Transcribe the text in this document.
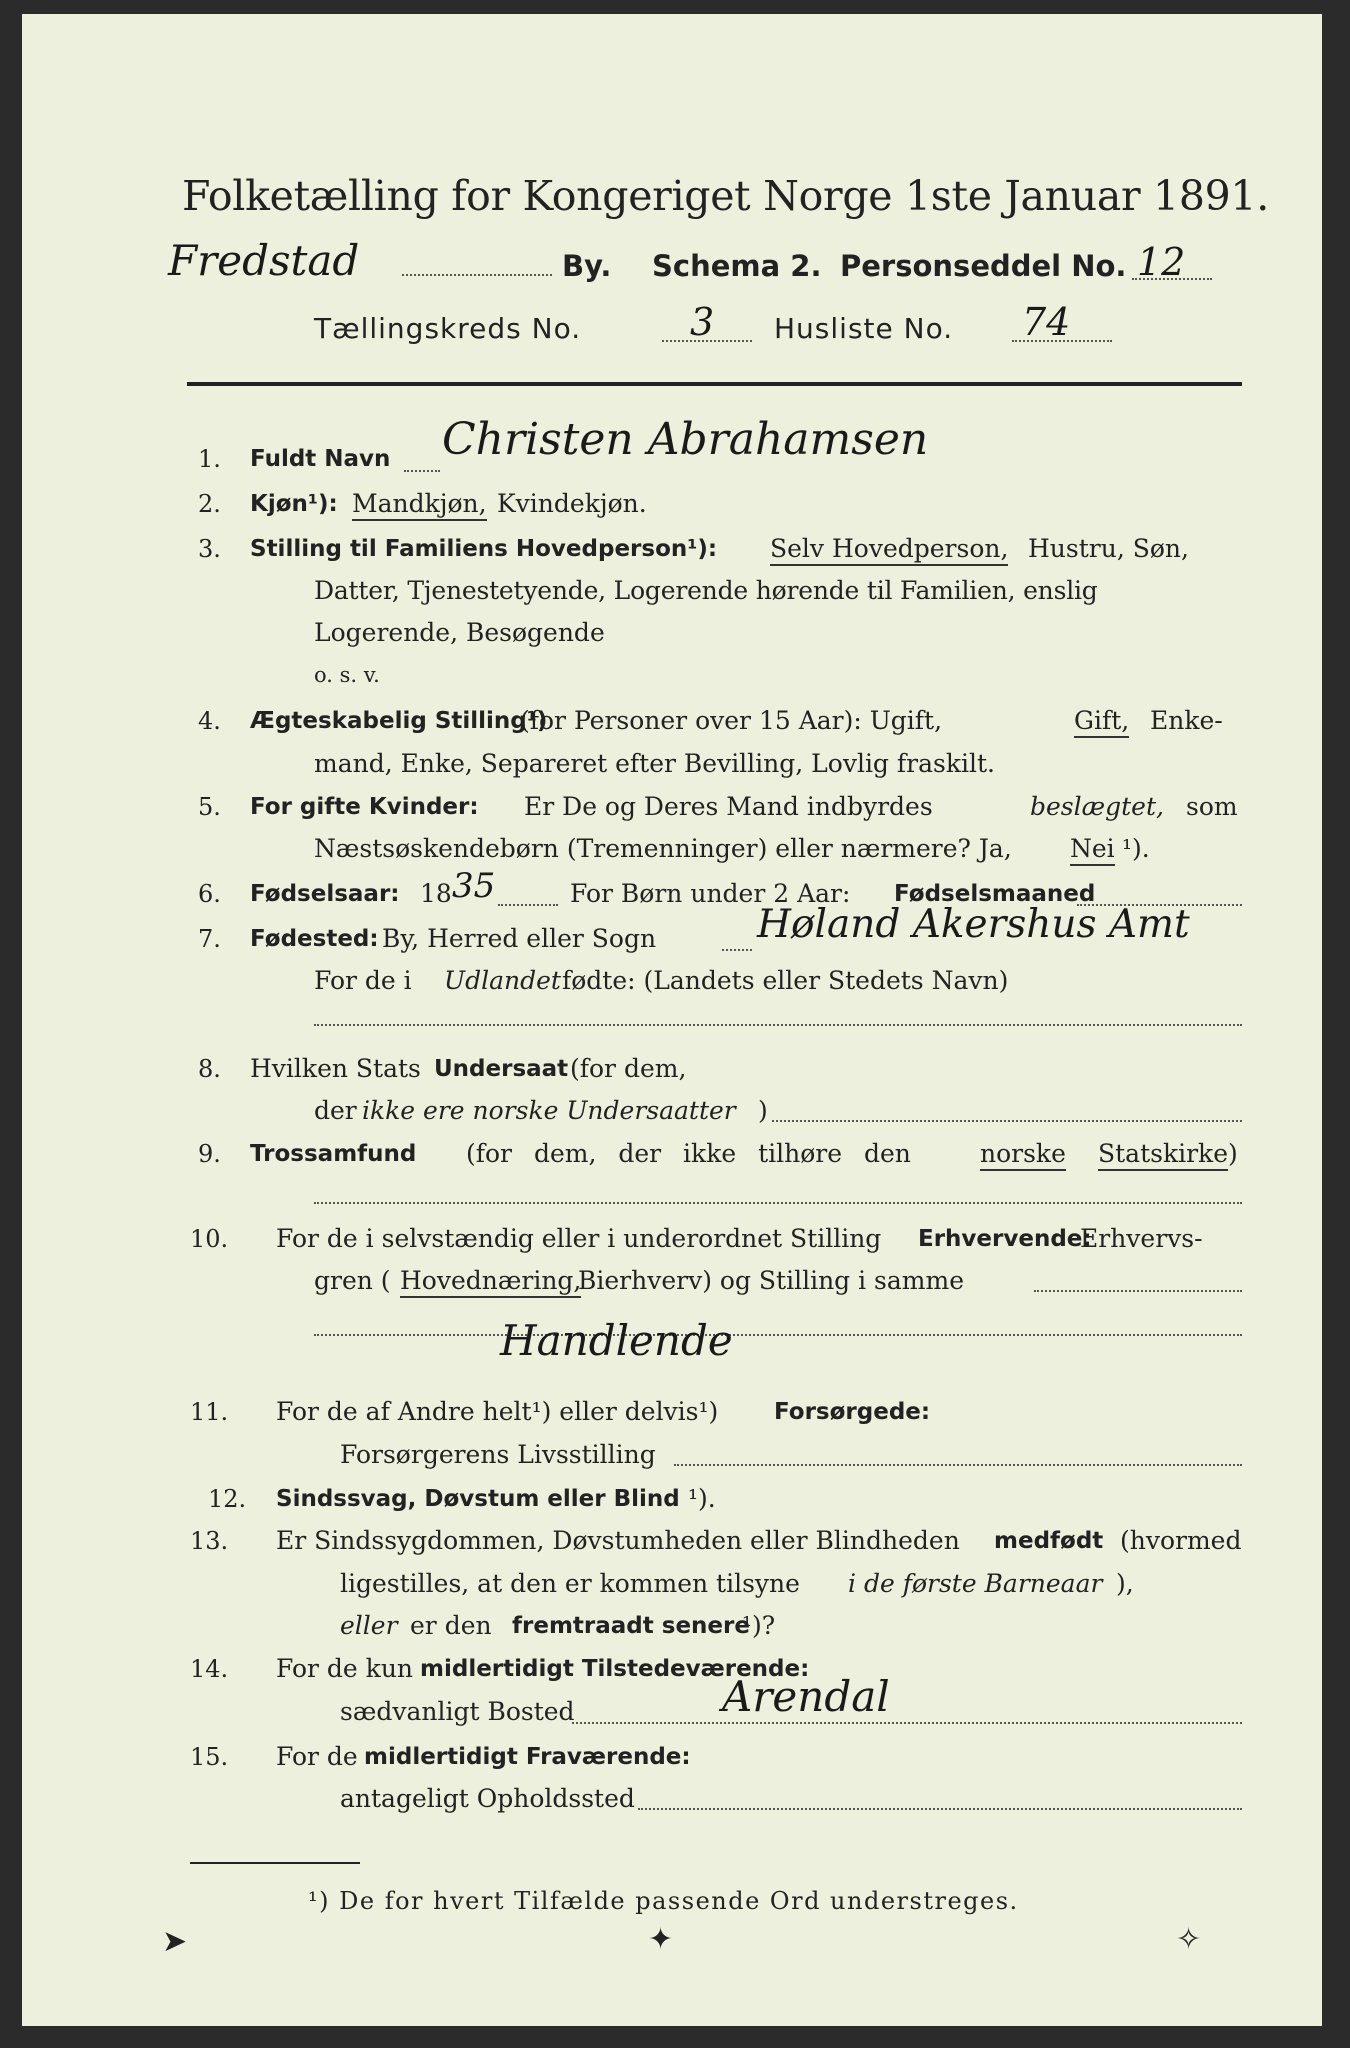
Folketælling for Kongeriget Norge 1ste Januar 1891.
Fredstad	By. Schema 2. Personseddel No. 12
Tællingskreds No.	3 Husliste No. 74
1. Fuldt Navn Christen Abrahamsen
2. Kjøn¹): Mandkjøn, Kvindekjøn.
3. Stilling til Familiens Hovedperson¹): Selv Hovedperson, Hustru, Søn,
Datter, Tjenestetyende, Logerende hørende til Familien, enslig
Logerende, Besøgende
o. s. v.
4. Ægteskabelig Stilling¹)
(for Personer over 15 Aar): Ugift,	Gift, Enke-
mand, Enke, Separeret efter Bevilling, Lovlig fraskilt.
5. For gifte Kvinder: Er De og Deres Mand indbyrdes	beslægtet, som
Næstsøskendebørn (Tremenninger) eller nærmere? Ja, Nei ¹).
6. Fødselsaar: 18 35	For Børn under 2 Aar: Fødselsmaaned
7. Fødested: By, Herred eller Sogn	Høland Akershus Amt
For de i Udlandet fødte: (Landets eller Stedets Navn)
8. Hvilken Stats Undersaat (for dem,
der ikke ere norske Undersaatter )
9. Trossamfund (for dem, der ikke tilhøre den	norske Statskirke )
10. For de i selvstændig eller i underordnet Stilling Erhvervende:
Erhvervs-
gren ( Hovednæring,
Bierhverv) og Stilling i samme
Handlende
11. For de af Andre helt¹) eller delvis¹) Forsørgede:
Forsørgerens Livsstilling
12. Sindssvag, Døvstum eller Blind ¹).
13. Er Sindssygdommen, Døvstumheden eller Blindheden medfødt (hvormed
ligestilles, at den er kommen tilsyne i de første Barneaar ),
eller er den fremtraadt senere
¹)?
14. For de kun midlertidigt Tilstedeværende:
sædvanligt Bosted	Arendal
15. For de midlertidigt Fraværende:
antageligt Opholdssted
¹) De for hvert Tilfælde passende Ord understreges.
➤	✦	✧
